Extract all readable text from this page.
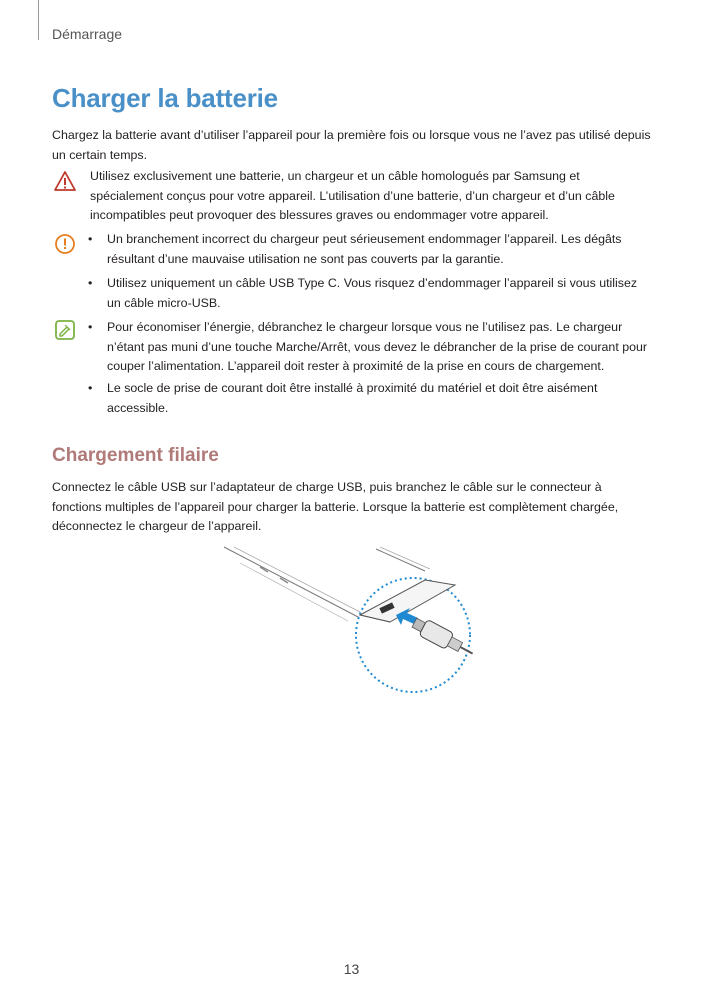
Démarrage
Charger la batterie
Chargez la batterie avant d’utiliser l’appareil pour la première fois ou lorsque vous ne l’avez pas utilisé depuis un certain temps.
Utilisez exclusivement une batterie, un chargeur et un câble homologués par Samsung et spécialement conçus pour votre appareil. L’utilisation d’une batterie, d’un chargeur et d’un câble incompatibles peut provoquer des blessures graves ou endommager votre appareil.
•	Un branchement incorrect du chargeur peut sérieusement endommager l’appareil. Les dégâts résultant d’une mauvaise utilisation ne sont pas couverts par la garantie.
•	Utilisez uniquement un câble USB Type C. Vous risquez d’endommager l’appareil si vous utilisez un câble micro-USB.
•	Pour économiser l’énergie, débranchez le chargeur lorsque vous ne l’utilisez pas. Le chargeur n’étant pas muni d’une touche Marche/Arrêt, vous devez le débrancher de la prise de courant pour couper l’alimentation. L’appareil doit rester à proximité de la prise en cours de chargement.
•	Le socle de prise de courant doit être installé à proximité du matériel et doit être aisément accessible.
Chargement filaire
Connectez le câble USB sur l’adaptateur de charge USB, puis branchez le câble sur le connecteur à fonctions multiples de l’appareil pour charger la batterie. Lorsque la batterie est complètement chargée, déconnectez le chargeur de l’appareil.
13
